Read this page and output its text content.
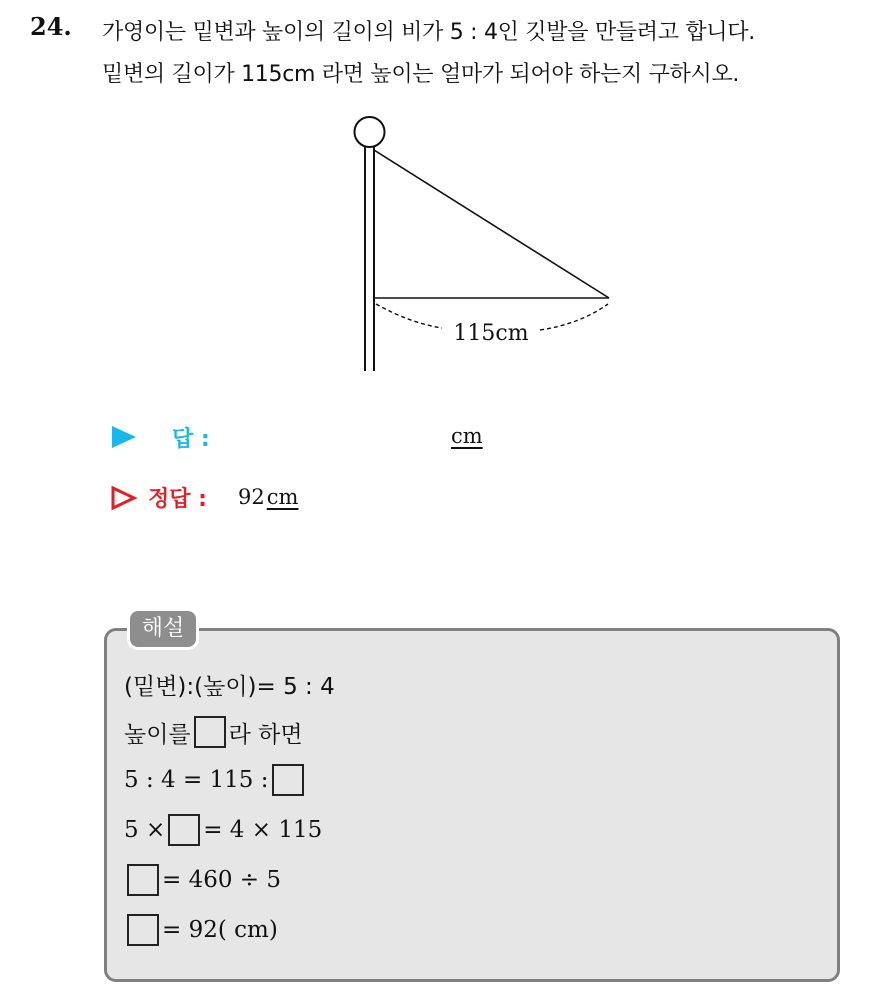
24. 가영이는 밑변과 높이의 길이의 비가 5 : 4인 깃발을 만들려고 합니다.
밑변의 길이가 115cm 라면 높이는 얼마가 되어야 하는지 구하시오.
115cm
답 :	cm
정답 : 92cm
해설
(밑변):(높이)= 5 : 4
높이를 라 하면
5 : 4 = 115 :
5 × = 4 × 115
= 460 ÷ 5
= 92( cm)
